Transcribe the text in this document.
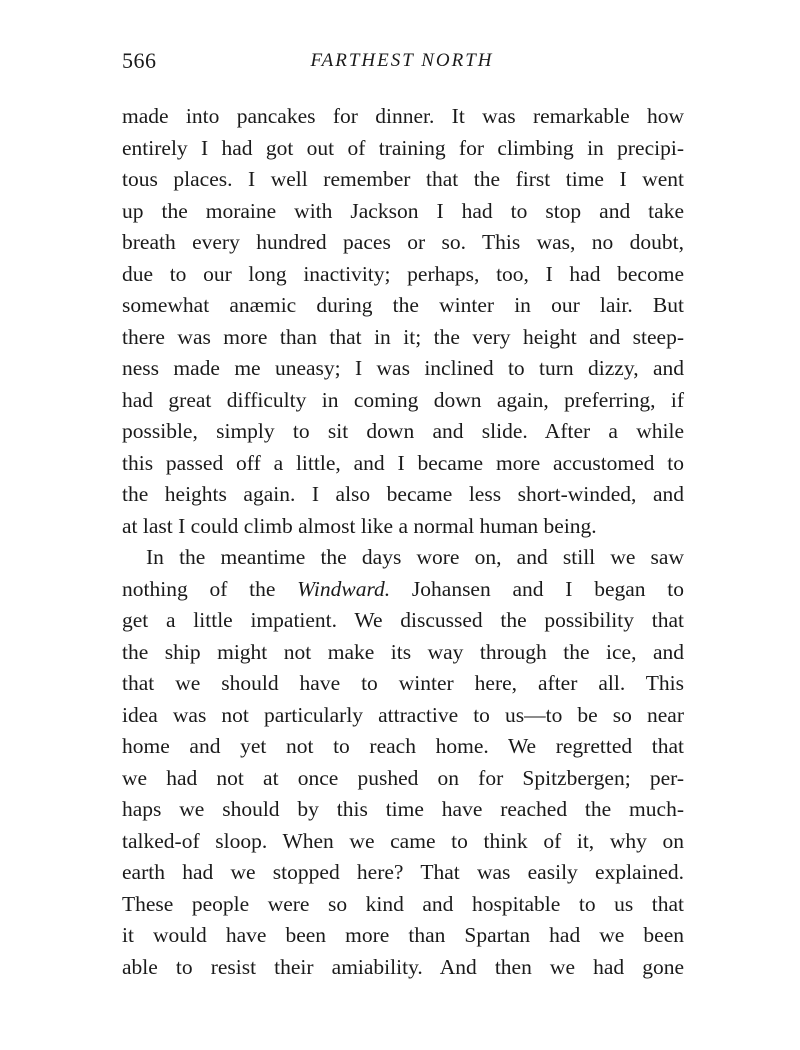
566	FARTHEST NORTH
made into pancakes for dinner. It was remarkable how
entirely I had got out of training for climbing in precipi-
tous places. I well remember that the first time I went
up the moraine with Jackson I had to stop and take
breath every hundred paces or so. This was, no doubt,
due to our long inactivity; perhaps, too, I had become
somewhat anæmic during the winter in our lair. But
there was more than that in it; the very height and steep-
ness made me uneasy; I was inclined to turn dizzy, and
had great difficulty in coming down again, preferring, if
possible, simply to sit down and slide. After a while
this passed off a little, and I became more accustomed to
the heights again. I also became less short-winded, and
at last I could climb almost like a normal human being.
In the meantime the days wore on, and still we saw
nothing of the Windward. Johansen and I began to
get a little impatient. We discussed the possibility that
the ship might not make its way through the ice, and
that we should have to winter here, after all. This
idea was not particularly attractive to us—to be so near
home and yet not to reach home. We regretted that
we had not at once pushed on for Spitzbergen; per-
haps we should by this time have reached the much-
talked-of sloop. When we came to think of it, why on
earth had we stopped here? That was easily explained.
These people were so kind and hospitable to us that
it would have been more than Spartan had we been
able to resist their amiability. And then we had gone
